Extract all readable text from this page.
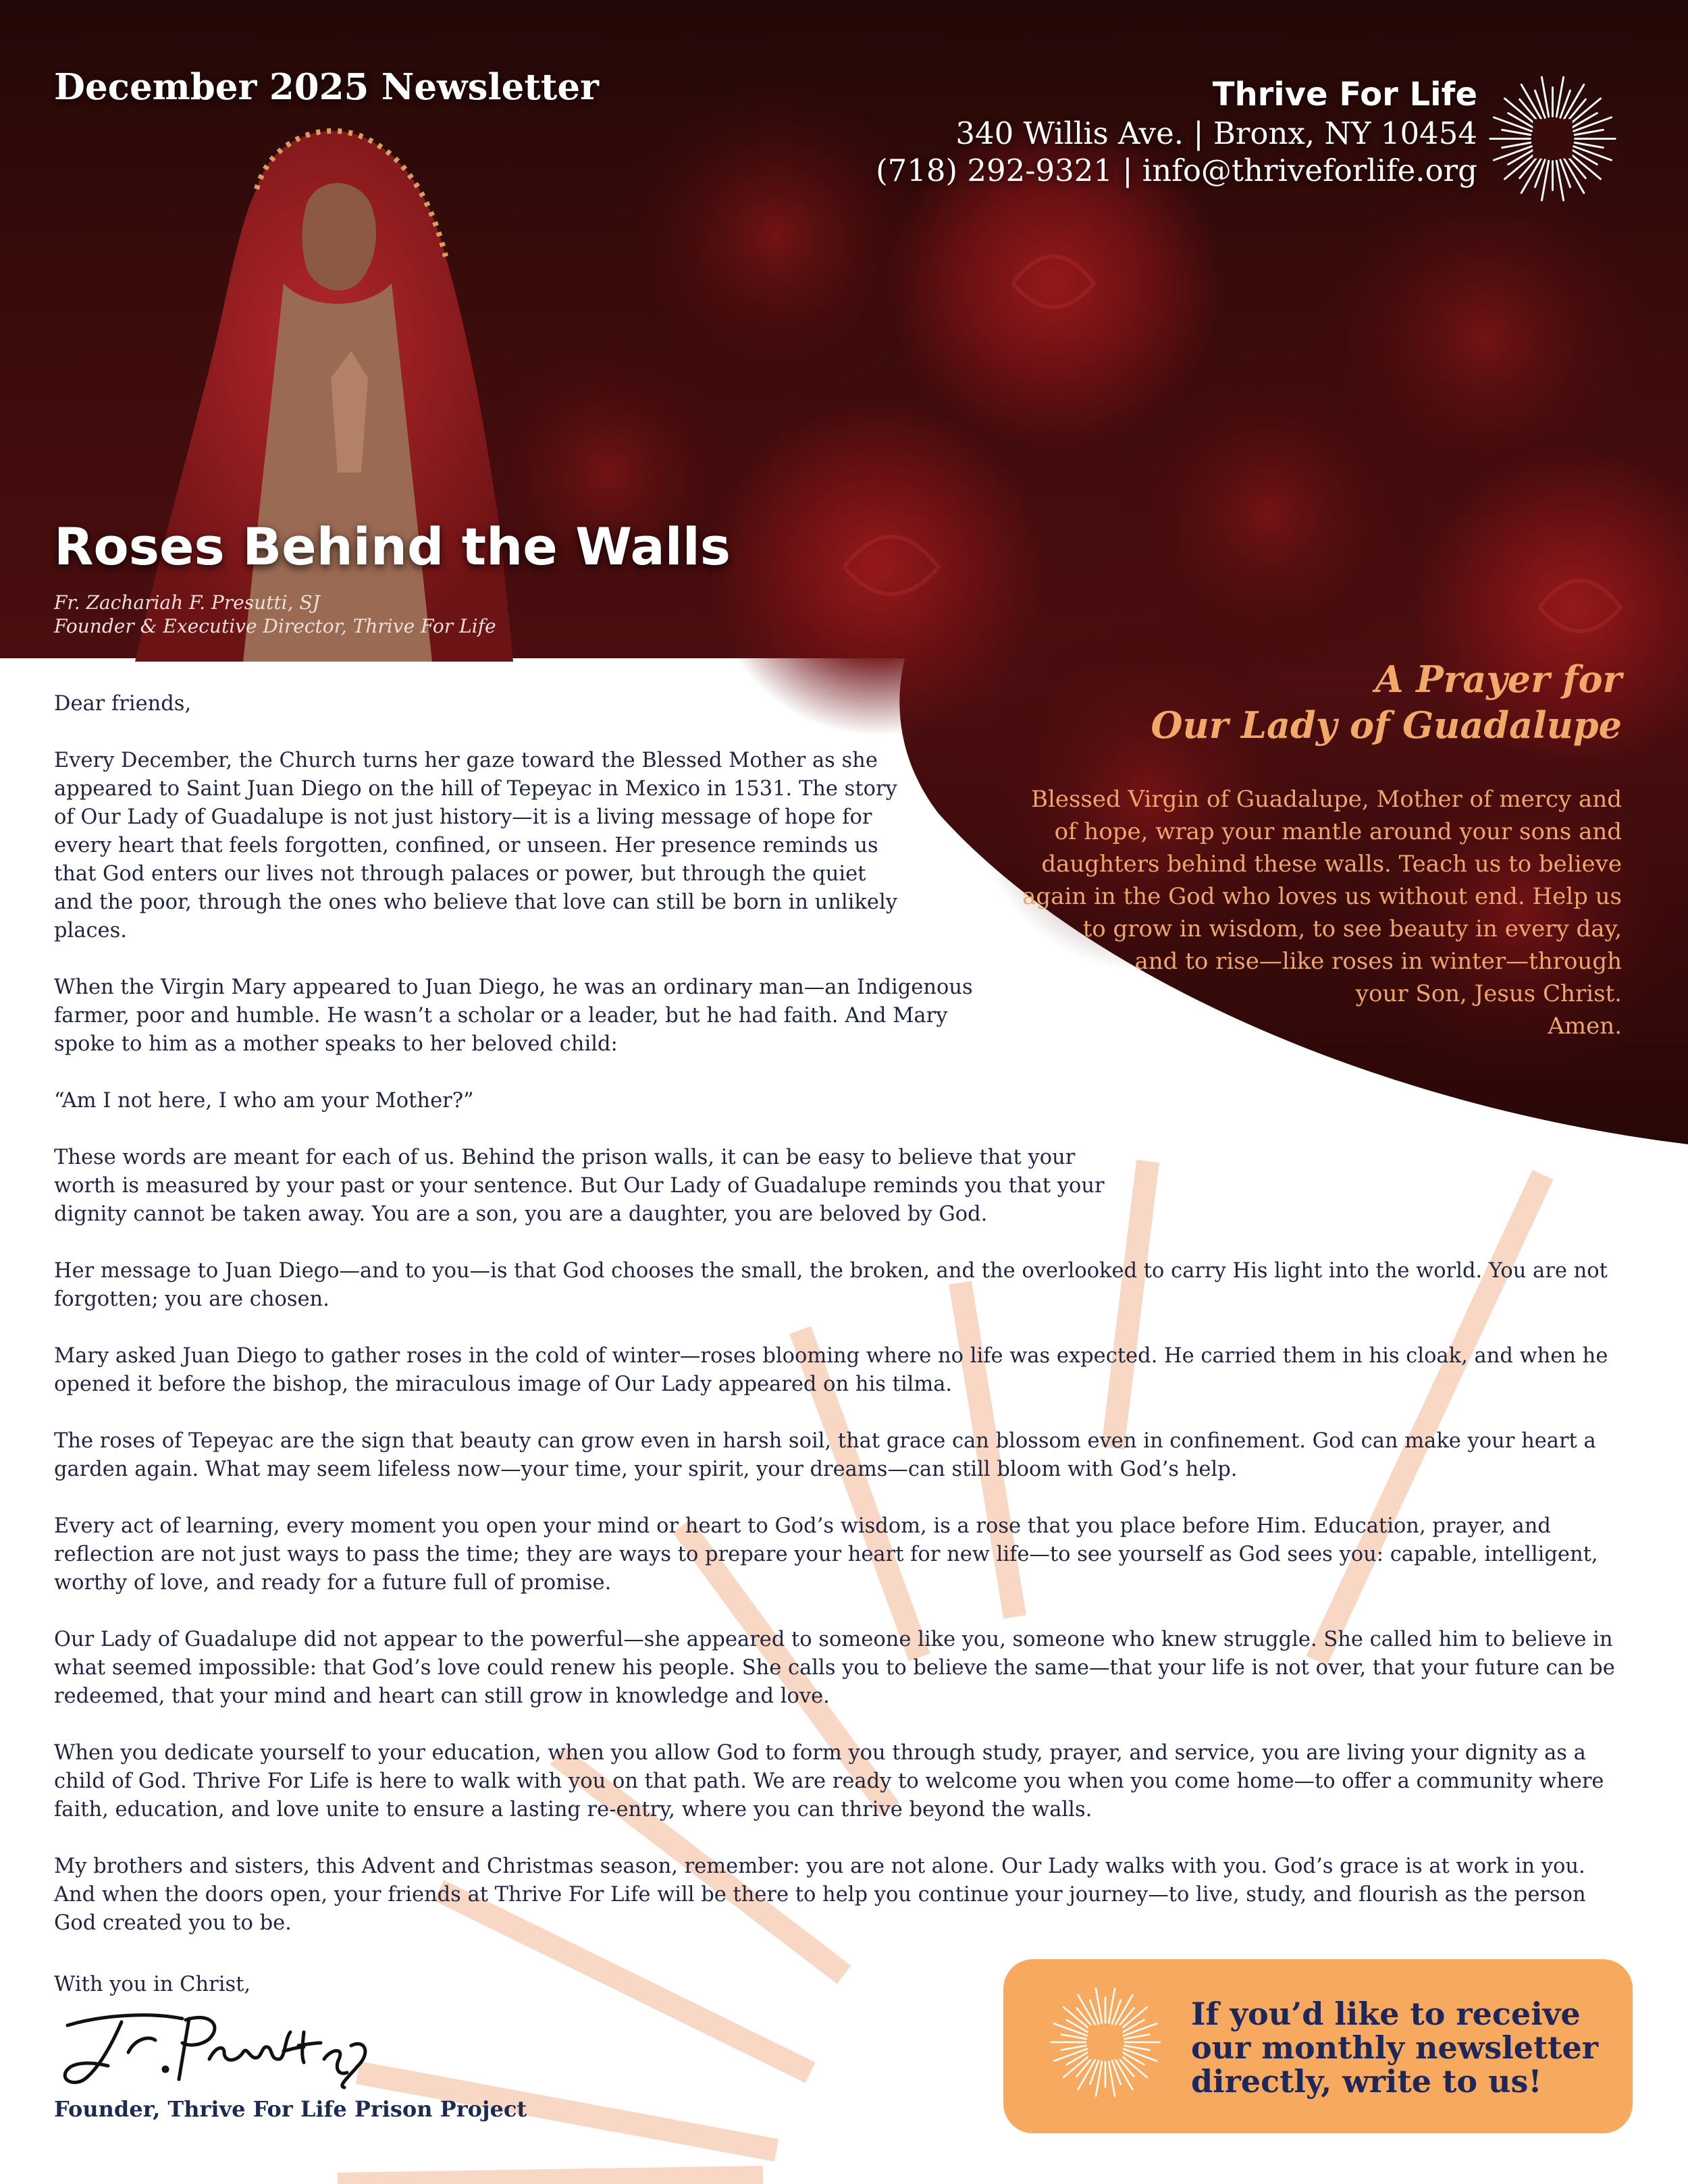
December 2025 Newsletter	Thrive For Life
340 Willis Ave. | Bronx, NY 10454
(718) 292-9321 | info@thriveforlife.org
Roses Behind the Walls
Fr. Zachariah F. Presutti, SJ
Founder & Executive Director, Thrive For Life
A Prayer for
Our Lady of Guadalupe
Blessed Virgin of Guadalupe, Mother of mercy and
of hope, wrap your mantle around your sons and
daughters behind these walls. Teach us to believe
again in the God who loves us without end. Help us
to grow in wisdom, to see beauty in every day,
and to rise—like roses in winter—through
your Son, Jesus Christ.
Amen.

Dear friends,

Every December, the Church turns her gaze toward the Blessed Mother as she appeared to Saint Juan Diego on the hill of Tepeyac in Mexico in 1531. The story of Our Lady of Guadalupe is not just history—it is a living message of hope for every heart that feels forgotten, confined, or unseen. Her presence reminds us that God enters our lives not through palaces or power, but through the quiet and the poor, through the ones who believe that love can still be born in unlikely places.

When the Virgin Mary appeared to Juan Diego, he was an ordinary man—an Indigenous farmer, poor and humble. He wasn’t a scholar or a leader, but he had faith. And Mary spoke to him as a mother speaks to her beloved child:

“Am I not here, I who am your Mother?”

These words are meant for each of us. Behind the prison walls, it can be easy to believe that your worth is measured by your past or your sentence. But Our Lady of Guadalupe reminds you that your dignity cannot be taken away. You are a son, you are a daughter, you are beloved by God.

Her message to Juan Diego—and to you—is that God chooses the small, the broken, and the overlooked to carry His light into the world. You are not forgotten; you are chosen.

Mary asked Juan Diego to gather roses in the cold of winter—roses blooming where no life was expected. He carried them in his cloak, and when he opened it before the bishop, the miraculous image of Our Lady appeared on his tilma.

The roses of Tepeyac are the sign that beauty can grow even in harsh soil, that grace can blossom even in confinement. God can make your heart a garden again. What may seem lifeless now—your time, your spirit, your dreams—can still bloom with God’s help.

Every act of learning, every moment you open your mind or heart to God’s wisdom, is a rose that you place before Him. Education, prayer, and reflection are not just ways to pass the time; they are ways to prepare your heart for new life—to see yourself as God sees you: capable, intelligent, worthy of love, and ready for a future full of promise.

Our Lady of Guadalupe did not appear to the powerful—she appeared to someone like you, someone who knew struggle. She called him to believe in what seemed impossible: that God’s love could renew his people. She calls you to believe the same—that your life is not over, that your future can be redeemed, that your mind and heart can still grow in knowledge and love.

When you dedicate yourself to your education, when you allow God to form you through study, prayer, and service, you are living your dignity as a child of God. Thrive For Life is here to walk with you on that path. We are ready to welcome you when you come home—to offer a community where faith, education, and love unite to ensure a lasting re-entry, where you can thrive beyond the walls.

My brothers and sisters, this Advent and Christmas season, remember: you are not alone. Our Lady walks with you. God’s grace is at work in you. And when the doors open, your friends at Thrive For Life will be there to help you continue your journey—to live, study, and flourish as the person God created you to be.

With you in Christ,
Founder, Thrive For Life Prison Project
If you’d like to receive
our monthly newsletter
directly, write to us!
